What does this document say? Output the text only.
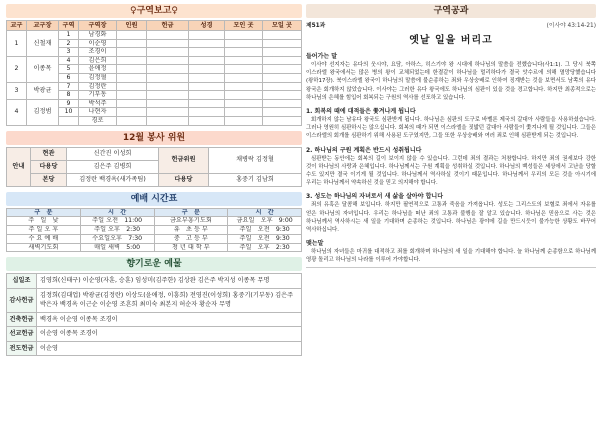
♀구역보고♀
교구	교구장	구역	구역장	인원	헌금	성경	모인 곳	모일 곳
1	신철재	1	남경화					
		2	이순영					
		3	조경이					
2	이종목	4	김은희					
		5	윤애정					
		6	김정혈					
3	박광균	7	김정란					
		8	기부동					
4	김정범	9	박석주					
		10	나현자					
			경로					
12월 봉사 위원
안내	현관	신간진 이성희	헌금위원	채병락 김정혈
	다용당	김은주 김병희		
	본당	김정란 백경옥(새가족팀)	다용당	홍중기 김남희
예배 시간표
구　분	시　간	구　분	시　간
주　일　낮	주일 오전　11:00	금요부흥기도회	금요일　오후　9:00
주 일 오 후	주일 오후　2:30	유　초 등 부	주일　오전　9:30
수 요 예 배	수요일오후　7:30	중　고 등 부	주일　오전　9:30
새벽기도회	매일 새벽　5:00	청 년 대 학 부	주일　오후　2:30
향기로운 예물
십일조	김영희(신태구) 이순영(자훈, 승훈) 임성미(김주한) 김상완 김은주 박지성 이종목 무명
감사헌금	김정희(김대업) 박광균(김정란) 이상도(윤애정, 이흥희) 전영진(이성희) 홍중기(기부동) 김은주 박은자 백경옥 이근순 이순영 조흔희 최미숙 최본지 허순자 황순자 무명
건축헌금	백경옥 이순영 이종목 조경이
선교헌금	이순영 이종목 조경이
전도헌금	이순영
구역공과
제51과	(이사야 43:14-21)
옛날 일을 버리고
들어가는 말

이사야 선지자는 유다의 웃시야, 요담, 아하스, 히스기야 왕 시대에 하나님의 말씀을 전했습니다(사1:1). 그 당시 북쪽 이스라엘 왕국에서는 많은 병의 왕이 교체되었는데 한결같이 하나님을 멀리하다가 결국 앗수르에 의해 멸망당했습니다(왕하17장). 북이스라엘 왕국이 하나님의 말씀에 불순종하는 죄와 우상숭배로 인하여 징계받는 것을 보면서도 남쪽의 유다 왕국은 회개하지 않았습니다. 이사야는 그러한 유다 왕국에도 하나님의 심판이 있을 것을 경고합니다. 하지만 최종적으로는 하나님의 은혜를 힘입어 회복되는 구원의 역사를 선포하고 있습니다.

1. 회복의 때에 대적들은 쫓겨나게 됩니다

회개하지 않는 남유다 왕국도 심판받게 됩니다. 하나님은 심판의 도구로 바벨론 제국의 갈대아 사람들을 사용하셨습니다. 그러나 영원히 심판하시는 않으십니다. 회복의 때가 되면 이스라엘을 짓밟던 갈대아 사람들이 쫓겨나게 될 것입니다. 그들은 이스라엘의 회개를 심판하기 위해 사용된 도구였지만, 그들 또한 우상숭배와 여러 죄로 인해 심판받게 되는 것입니다.

2. 하나님의 구원 계획은 반드시 성취됩니다

심판받는 동안에는 회복의 길이 보이지 않을 수 있습니다. 그런데 죄의 결과는 처참합니다. 하지만 죄의 권세보다 강한 것이 하나님의 사랑과 은혜입니다. 하나님께서는 구원 계획을 성취하실 것입니다. 하나님의 백성들은 세상에서 고난을 당할 수도 있지만 결국 이기게 될 것입니다. 하나님께서 역사하실 것이기 때문입니다. 하나님께서 우리의 모든 것을 아시기에 우리는 하나님께서 약속하신 것을 믿고 의지해야 합니다.

3. 성도는 하나님의 자녀로서 새 삶을 살아야 합니다

죄의 유혹은 달콤해 보입니다. 하지만 필연적으로 고통과 죽음을 가져옵니다. 성도는 그리스도의 보혈로 죄에서 자유를 얻은 하나님의 자녀입니다. 우리는 하나님을 떠난 죄의 고통과 불행을 잘 알고 있습니다. 하나님은 믿음으로 사는 것은 하나님께서 역사하시는 새 일을 기대하며 순종하는 것입니다. 하나님은 광야에 길을 만드시듯이 불가능한 상황도 바꾸어 역사하십니다.

맺는말

하나님의 자녀들은 마귀를 대적하고 죄를 회개하며 하나님의 새 일을 기대해야 합니다. 늘 하나님께 순종함으로 하나님께 영광 돌리고 하나님의 나라를 이루어 가야합니다.
